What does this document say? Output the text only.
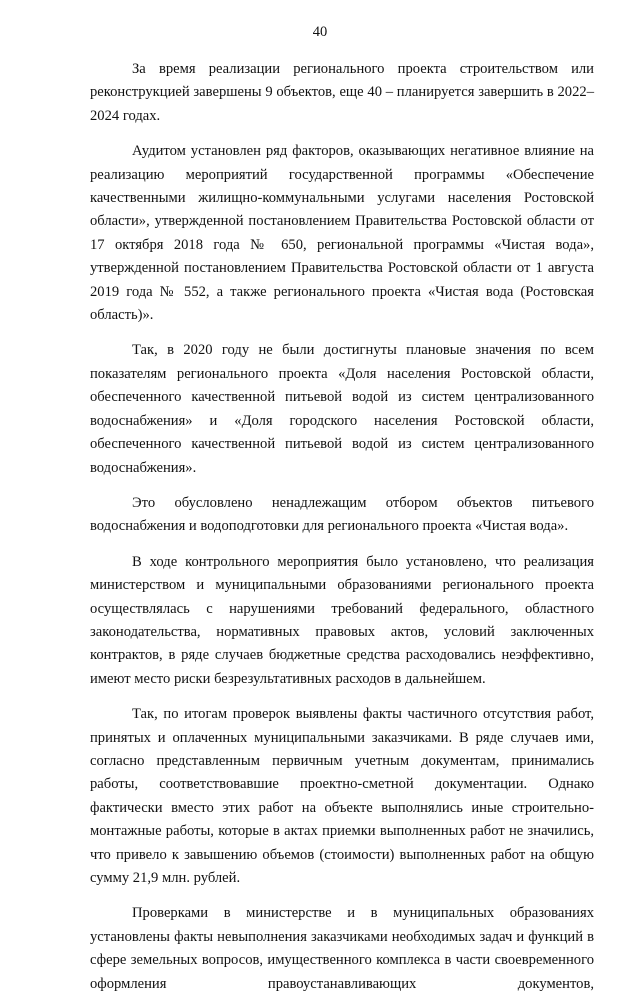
40

За время реализации регионального проекта строительством или реконструкцией завершены 9 объектов, еще 40 – планируется завершить в 2022–2024 годах.

Аудитом установлен ряд факторов, оказывающих негативное влияние на реализацию мероприятий государственной программы «Обеспечение качественными жилищно-коммунальными услугами населения Ростовской области», утвержденной постановлением Правительства Ростовской области от 17 октября 2018 года № 650, региональной программы «Чистая вода», утвержденной постановлением Правительства Ростовской области от 1 августа 2019 года № 552, а также регионального проекта «Чистая вода (Ростовская область)».

Так, в 2020 году не были достигнуты плановые значения по всем показателям регионального проекта «Доля населения Ростовской области, обеспеченного качественной питьевой водой из систем централизованного водоснабжения» и «Доля городского населения Ростовской области, обеспеченного качественной питьевой водой из систем централизованного водоснабжения».

Это обусловлено ненадлежащим отбором объектов питьевого водоснабжения и водоподготовки для регионального проекта «Чистая вода».

В ходе контрольного мероприятия было установлено, что реализация министерством и муниципальными образованиями регионального проекта осуществлялась с нарушениями требований федерального, областного законодательства, нормативных правовых актов, условий заключенных контрактов, в ряде случаев бюджетные средства расходовались неэффективно, имеют место риски безрезультативных расходов в дальнейшем.

Так, по итогам проверок выявлены факты частичного отсутствия работ, принятых и оплаченных муниципальными заказчиками. В ряде случаев ими, согласно представленным первичным учетным документам, принимались работы, соответствовавшие проектно-сметной документации. Однако фактически вместо этих работ на объекте выполнялись иные строительно-монтажные работы, которые в актах приемки выполненных работ не значились, что привело к завышению объемов (стоимости) выполненных работ на общую сумму 21,9 млн. рублей.

Проверками в министерстве и в муниципальных образованиях установлены факты невыполнения заказчиками необходимых задач и функций в сфере земельных вопросов, имущественного комплекса в части своевременного оформления правоустанавливающих документов,
